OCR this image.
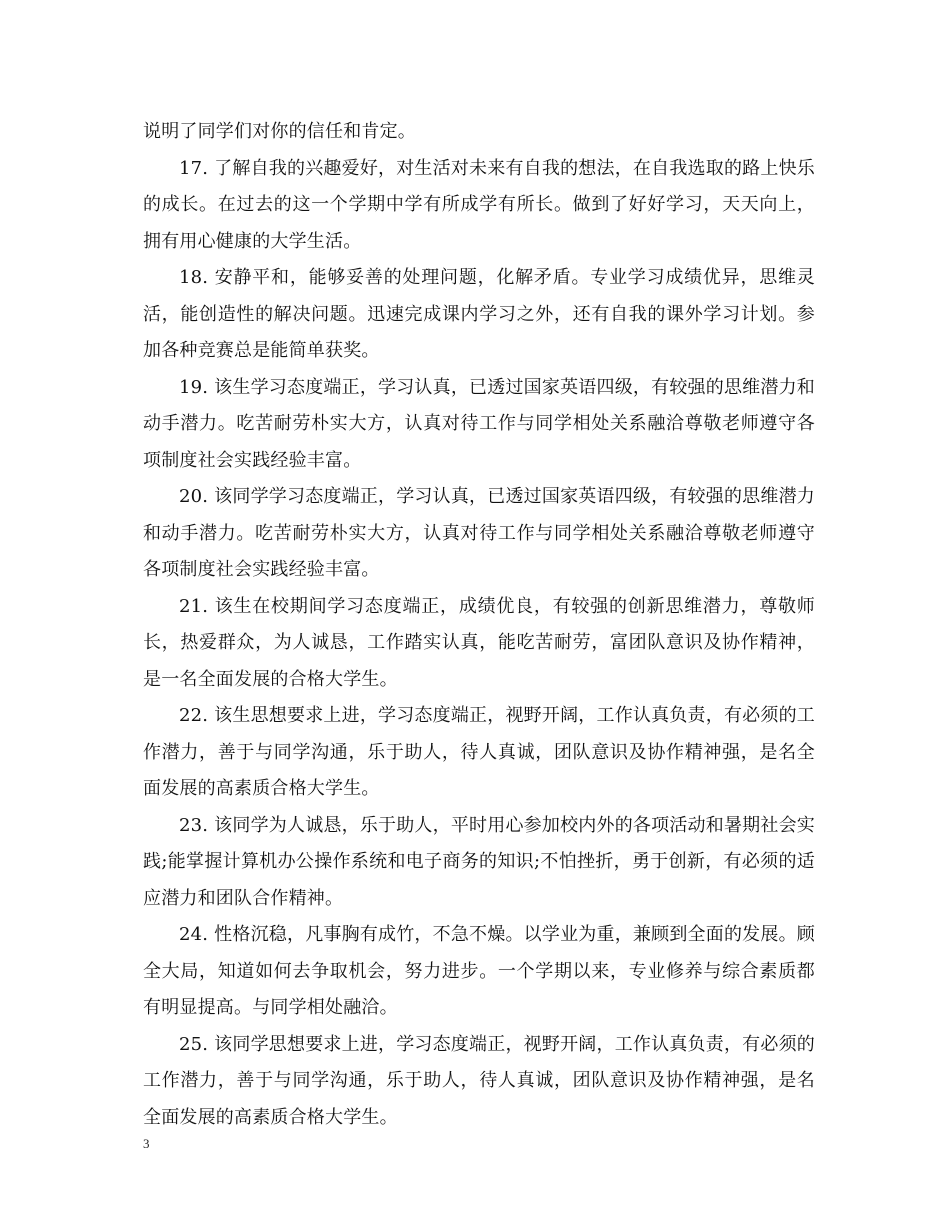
说明了同学们对你的信任和肯定。

17. 了解自我的兴趣爱好，对生活对未来有自我的想法，在自我选取的路上快乐的成长。在过去的这一个学期中学有所成学有所长。做到了好好学习，天天向上，拥有用心健康的大学生活。

18. 安静平和，能够妥善的处理问题，化解矛盾。专业学习成绩优异，思维灵活，能创造性的解决问题。迅速完成课内学习之外，还有自我的课外学习计划。参加各种竞赛总是能简单获奖。

19. 该生学习态度端正，学习认真，已透过国家英语四级，有较强的思维潜力和动手潜力。吃苦耐劳朴实大方，认真对待工作与同学相处关系融洽尊敬老师遵守各项制度社会实践经验丰富。

20. 该同学学习态度端正，学习认真，已透过国家英语四级，有较强的思维潜力和动手潜力。吃苦耐劳朴实大方，认真对待工作与同学相处关系融洽尊敬老师遵守各项制度社会实践经验丰富。

21. 该生在校期间学习态度端正，成绩优良，有较强的创新思维潜力，尊敬师长，热爱群众，为人诚恳，工作踏实认真，能吃苦耐劳，富团队意识及协作精神，是一名全面发展的合格大学生。

22. 该生思想要求上进，学习态度端正，视野开阔，工作认真负责，有必须的工作潜力，善于与同学沟通，乐于助人，待人真诚，团队意识及协作精神强，是名全面发展的高素质合格大学生。

23. 该同学为人诚恳，乐于助人，平时用心参加校内外的各项活动和暑期社会实践;能掌握计算机办公操作系统和电子商务的知识;不怕挫折，勇于创新，有必须的适应潜力和团队合作精神。

24. 性格沉稳，凡事胸有成竹，不急不燥。以学业为重，兼顾到全面的发展。顾全大局，知道如何去争取机会，努力进步。一个学期以来，专业修养与综合素质都有明显提高。与同学相处融洽。

25. 该同学思想要求上进，学习态度端正，视野开阔，工作认真负责，有必须的工作潜力，善于与同学沟通，乐于助人，待人真诚，团队意识及协作精神强，是名全面发展的高素质合格大学生。

3
